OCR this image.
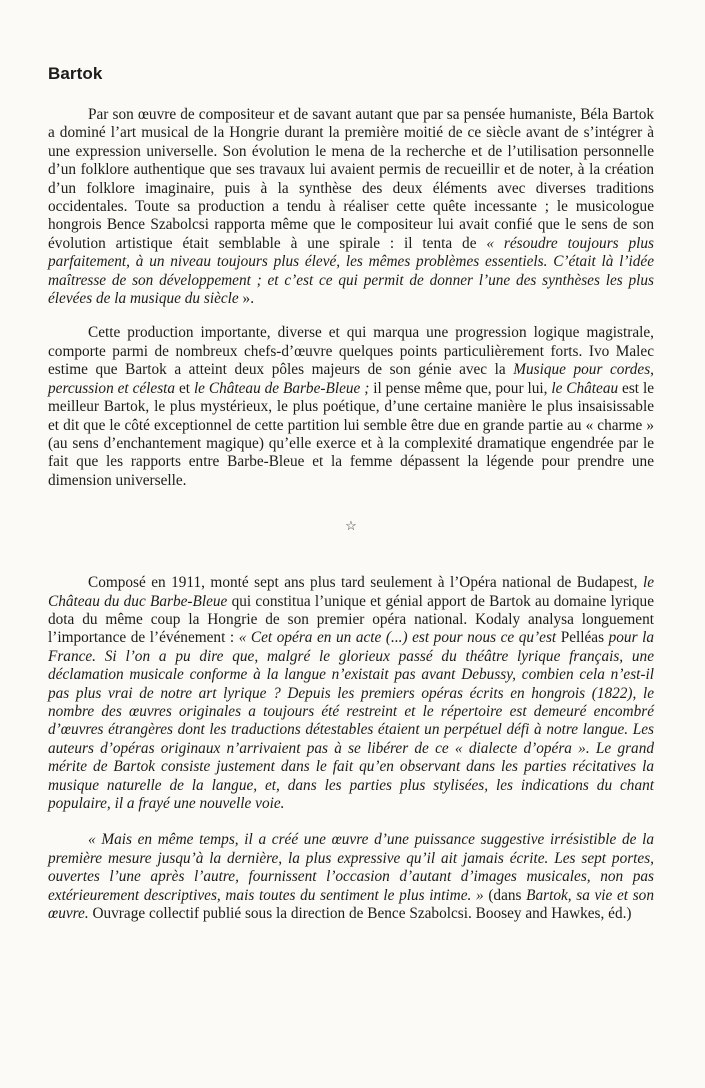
Bartok

Par son œuvre de compositeur et de savant autant que par sa pensée humaniste, Béla Bartok a dominé l’art musical de la Hongrie durant la première moitié de ce siècle avant de s’intégrer à une expression universelle. Son évolution le mena de la recherche et de l’utilisation personnelle d’un folklore authentique que ses travaux lui avaient permis de recueillir et de noter, à la création d’un folklore imaginaire, puis à la synthèse des deux éléments avec diverses traditions occidentales. Toute sa production a tendu à réaliser cette quête incessante ; le musicologue hongrois Bence Szabolcsi rapporta même que le compositeur lui avait confié que le sens de son évolution artistique était semblable à une spirale : il tenta de « résoudre toujours plus parfaitement, à un niveau toujours plus élevé, les mêmes problèmes essentiels. C’était là l’idée maîtresse de son développement ; et c’est ce qui permit de donner l’une des synthèses les plus élevées de la musique du siècle ».

Cette production importante, diverse et qui marqua une progression logique magistrale, comporte parmi de nombreux chefs-d’œuvre quelques points particulièrement forts. Ivo Malec estime que Bartok a atteint deux pôles majeurs de son génie avec la Musique pour cordes, percussion et célesta et le Château de Barbe-Bleue ; il pense même que, pour lui, le Château est le meilleur Bartok, le plus mystérieux, le plus poétique, d’une certaine manière le plus insaisissable et dit que le côté exceptionnel de cette partition lui semble être due en grande partie au « charme » (au sens d’enchantement magique) qu’elle exerce et à la complexité dramatique engendrée par le fait que les rapports entre Barbe-Bleue et la femme dépassent la légende pour prendre une dimension universelle.

☆

Composé en 1911, monté sept ans plus tard seulement à l’Opéra national de Budapest, le Château du duc Barbe-Bleue qui constitua l’unique et génial apport de Bartok au domaine lyrique dota du même coup la Hongrie de son premier opéra national. Kodaly analysa longuement l’importance de l’événement : « Cet opéra en un acte (...) est pour nous ce qu’est Pelléas pour la France. Si l’on a pu dire que, malgré le glorieux passé du théâtre lyrique français, une déclamation musicale conforme à la langue n’existait pas avant Debussy, combien cela n’est-il pas plus vrai de notre art lyrique ? Depuis les premiers opéras écrits en hongrois (1822), le nombre des œuvres originales a toujours été restreint et le répertoire est demeuré encombré d’œuvres étrangères dont les traductions détestables étaient un perpétuel défi à notre langue. Les auteurs d’opéras originaux n’arrivaient pas à se libérer de ce « dialecte d’opéra ». Le grand mérite de Bartok consiste justement dans le fait qu’en observant dans les parties récitatives la musique naturelle de la langue, et, dans les parties plus stylisées, les indications du chant populaire, il a frayé une nouvelle voie.

« Mais en même temps, il a créé une œuvre d’une puissance suggestive irrésistible de la première mesure jusqu’à la dernière, la plus expressive qu’il ait jamais écrite. Les sept portes, ouvertes l’une après l’autre, fournissent l’occasion d’autant d’images musicales, non pas extérieurement descriptives, mais toutes du sentiment le plus intime. » (dans Bartok, sa vie et son œuvre. Ouvrage collectif publié sous la direction de Bence Szabolcsi. Boosey and Hawkes, éd.)
